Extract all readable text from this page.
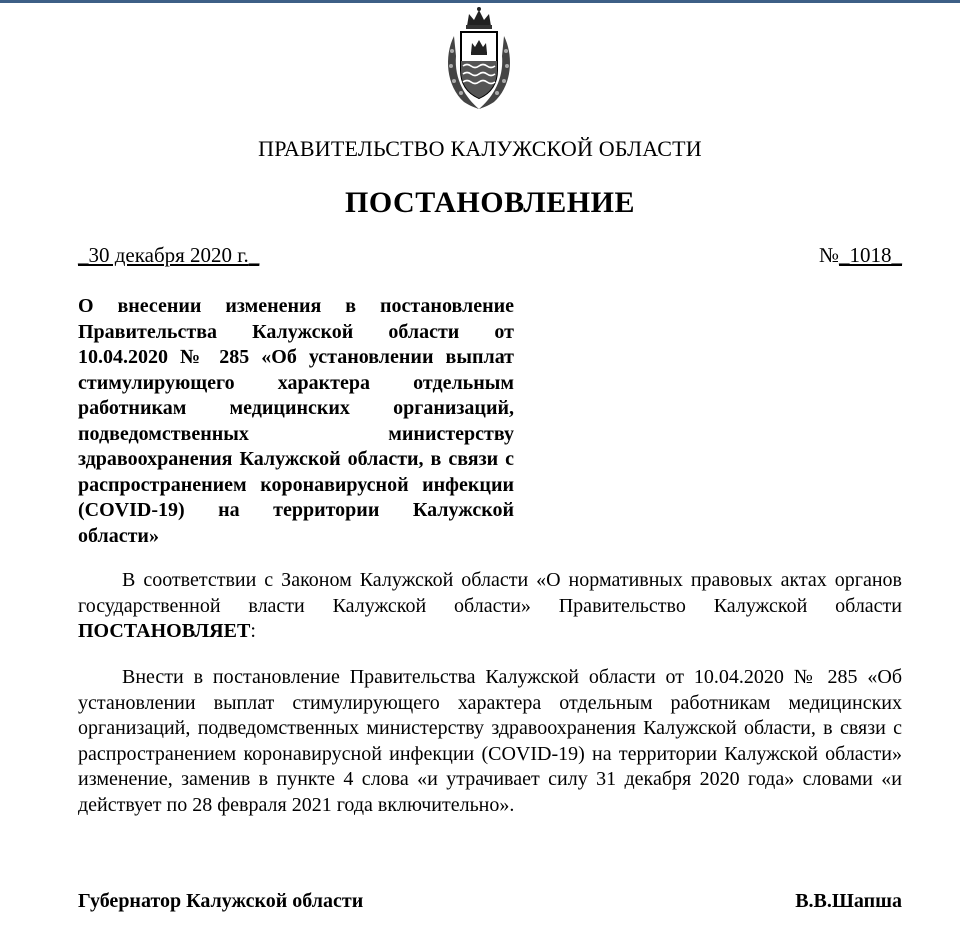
ПРАВИТЕЛЬСТВО КАЛУЖСКОЙ ОБЛАСТИ
ПОСТАНОВЛЕНИЕ
_30 декабря 2020 г._	№_1018_
О внесении изменения в постановление Правительства Калужской области от 10.04.2020 № 285 «Об установлении выплат стимулирующего характера отдельным работникам медицинских организаций, подведомственных министерству здравоохранения Калужской области, в связи с распространением коронавирусной инфекции (COVID-19) на территории Калужской области»
В соответствии с Законом Калужской области «О нормативных правовых актах органов государственной власти Калужской области» Правительство Калужской области ПОСТАНОВЛЯЕТ:
Внести в постановление Правительства Калужской области от 10.04.2020 № 285 «Об установлении выплат стимулирующего характера отдельным работникам медицинских организаций, подведомственных министерству здравоохранения Калужской области, в связи с распространением коронавирусной инфекции (COVID-19) на территории Калужской области» изменение, заменив в пункте 4 слова «и утрачивает силу 31 декабря 2020 года» словами «и действует по 28 февраля 2021 года включительно».
Губернатор Калужской области	В.В.Шапша
